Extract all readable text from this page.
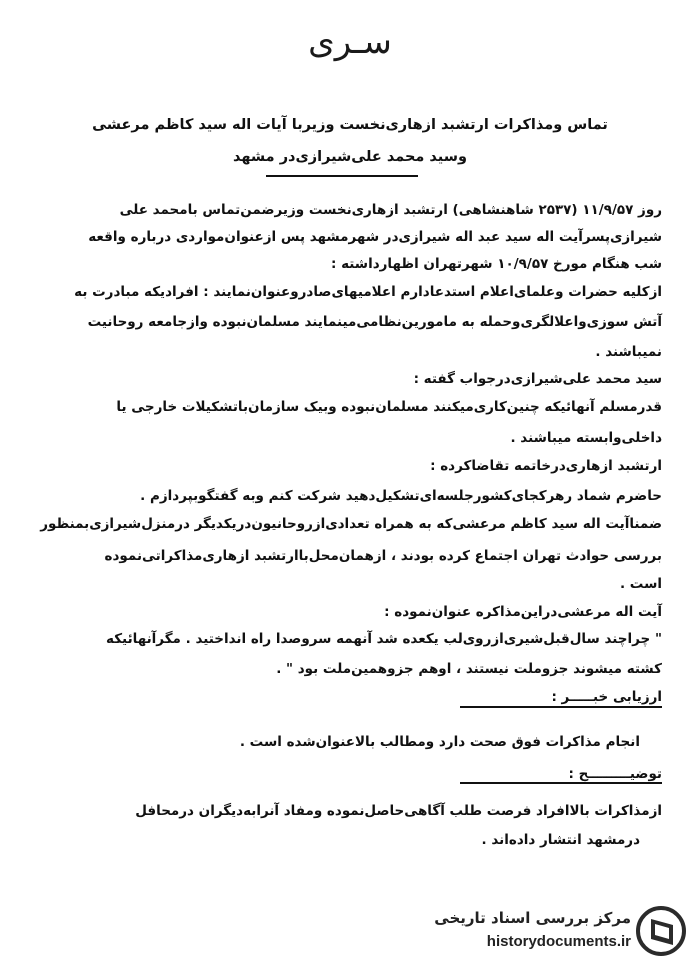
سـری
تماس ومذاکرات ارتشبد ازهاری‌نخست وزیربا آیات اله سید کاظم مرعشی
وسید محمد علی‌شیرازی‌در مشهد
روز ۱۱/۹/۵۷ (۲۵۳۷ شاهنشاهی) ارتشبد ازهاری‌نخست وزیرضمن‌تماس بامحمد علی
شیرازی‌پسرآیت اله سید عبد اله شیرازی‌در شهرمشهد پس ازعنوان‌مواردی درباره واقعه
شب هنگام مورخ ۱۰/۹/۵۷ شهرتهران اظهارداشته :
ازکلیه حضرات وعلمای‌اعلام استدعادارم اعلامیهای‌صادروعنوان‌نمایند : افرادیکه مبادرت به
آتش سوزی‌واعلا‌لگری‌وحمله به مامورین‌نظامی‌مینمایند مسلمان‌نبوده وازجامعه روحانیت
نمیباشند .
سید محمد علی‌شیرازی‌درجواب گفته :
قدرمسلم آنهائیکه چنین‌کاری‌میکنند مسلمان‌نبوده وبیک سازمان‌باتشکیلات خارجی یا
داخلی‌وابسته میباشند .
ارتشبد ازهاری‌درخاتمه تقاضاکرده :
حاضرم شماد رهرکجای‌کشورجلسه‌ای‌تشکیل‌دهید شرکت کنم وبه گفتگوبپردازم .
ضمناآیت اله سید کاظم مرعشی‌که به همراه تعدادی‌ازروحانیون‌دریکدیگر درمنزل‌شیرازی‌بمنظور
بررسی حوادث تهران اجتماع کرده بودند ، ازهمان‌محل‌باارتشبد ازهاری‌مذاکراتی‌نموده
است .
آیت اله مرعشی‌دراین‌مذاکره عنوان‌نموده :
" چراچند سال‌قبل‌شیری‌ازروی‌لب یکعده شد آنهمه سروصدا راه انداختید . مگرآنهائیکه
کشته میشوند جزوملت نیستند ، اوهم جزوهمین‌ملت بود " .
ارزیابی خبـــــر :
انجام مذاکرات فوق صحت دارد ومطالب بالاعنوان‌شده است .
توضیـــــــــح :
ازمذاکرات بالاافراد فرصت طلب آگاهی‌حاصل‌نموده ومفاد آنرابه‌دیگران درمحافل
درمشهد انتشار داده‌اند .
مرکز بررسی اسناد تاریخی
historydocuments.ir
